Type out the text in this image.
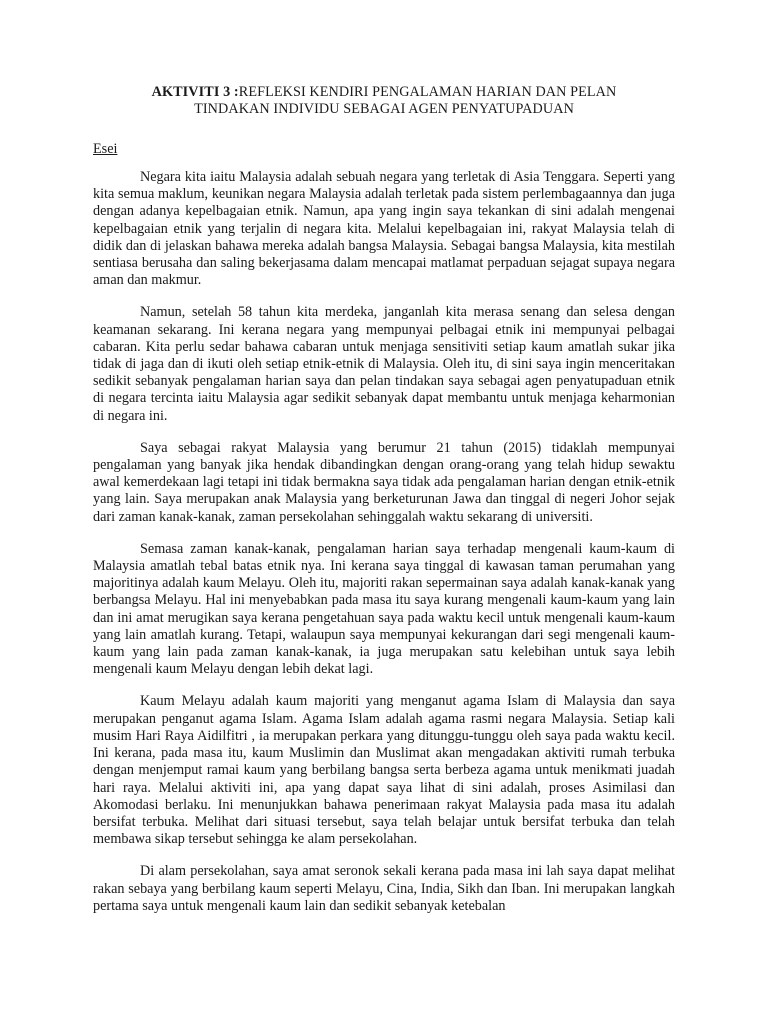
AKTIVITI 3 :REFLEKSI KENDIRI PENGALAMAN HARIAN DAN PELAN
TINDAKAN INDIVIDU SEBAGAI AGEN PENYATUPADUAN

Esei

Negara kita iaitu Malaysia adalah sebuah negara yang terletak di Asia Tenggara. Seperti yang kita semua maklum, keunikan negara Malaysia adalah terletak pada sistem perlembagaannya dan juga dengan adanya kepelbagaian etnik. Namun, apa yang ingin saya tekankan di sini adalah mengenai kepelbagaian etnik yang terjalin di negara kita. Melalui kepelbagaian ini, rakyat Malaysia telah di didik dan di jelaskan bahawa mereka adalah bangsa Malaysia. Sebagai bangsa Malaysia, kita mestilah sentiasa berusaha dan saling bekerjasama dalam mencapai matlamat perpaduan sejagat supaya negara aman dan makmur.

Namun, setelah 58 tahun kita merdeka, janganlah kita merasa senang dan selesa dengan keamanan sekarang. Ini kerana negara yang mempunyai pelbagai etnik ini mempunyai pelbagai cabaran. Kita perlu sedar bahawa cabaran untuk menjaga sensitiviti setiap kaum amatlah sukar jika tidak di jaga dan di ikuti oleh setiap etnik-etnik di Malaysia. Oleh itu, di sini saya ingin menceritakan sedikit sebanyak pengalaman harian saya dan pelan tindakan saya sebagai agen penyatupaduan etnik di negara tercinta iaitu Malaysia agar sedikit sebanyak dapat membantu untuk menjaga keharmonian di negara ini.

Saya sebagai rakyat Malaysia yang berumur 21 tahun (2015) tidaklah mempunyai pengalaman yang banyak jika hendak dibandingkan dengan orang-orang yang telah hidup sewaktu awal kemerdekaan lagi tetapi ini tidak bermakna saya tidak ada pengalaman harian dengan etnik-etnik yang lain. Saya merupakan anak Malaysia yang berketurunan Jawa dan tinggal di negeri Johor sejak dari zaman kanak-kanak, zaman persekolahan sehinggalah waktu sekarang di universiti.

Semasa zaman kanak-kanak, pengalaman harian saya terhadap mengenali kaum-kaum di Malaysia amatlah tebal batas etnik nya. Ini kerana saya tinggal di kawasan taman perumahan yang majoritinya adalah kaum Melayu. Oleh itu, majoriti rakan sepermainan saya adalah kanak-kanak yang berbangsa Melayu. Hal ini menyebabkan pada masa itu saya kurang mengenali kaum-kaum yang lain dan ini amat merugikan saya kerana pengetahuan saya pada waktu kecil untuk mengenali kaum-kaum yang lain amatlah kurang. Tetapi, walaupun saya mempunyai kekurangan dari segi mengenali kaum-kaum yang lain pada zaman kanak-kanak, ia juga merupakan satu kelebihan untuk saya lebih mengenali kaum Melayu dengan lebih dekat lagi.

Kaum Melayu adalah kaum majoriti yang menganut agama Islam di Malaysia dan saya merupakan penganut agama Islam. Agama Islam adalah agama rasmi negara Malaysia. Setiap kali musim Hari Raya Aidilfitri , ia merupakan perkara yang ditunggu-tunggu oleh saya pada waktu kecil. Ini kerana, pada masa itu, kaum Muslimin dan Muslimat akan mengadakan aktiviti rumah terbuka dengan menjemput ramai kaum yang berbilang bangsa serta berbeza agama untuk menikmati juadah hari raya. Melalui aktiviti ini, apa yang dapat saya lihat di sini adalah, proses Asimilasi dan Akomodasi berlaku. Ini menunjukkan bahawa penerimaan rakyat Malaysia pada masa itu adalah bersifat terbuka. Melihat dari situasi tersebut, saya telah belajar untuk bersifat terbuka dan telah membawa sikap tersebut sehingga ke alam persekolahan.

Di alam persekolahan, saya amat seronok sekali kerana pada masa ini lah saya dapat melihat rakan sebaya yang berbilang kaum seperti Melayu, Cina, India, Sikh dan Iban. Ini merupakan langkah pertama saya untuk mengenali kaum lain dan sedikit sebanyak ketebalan
